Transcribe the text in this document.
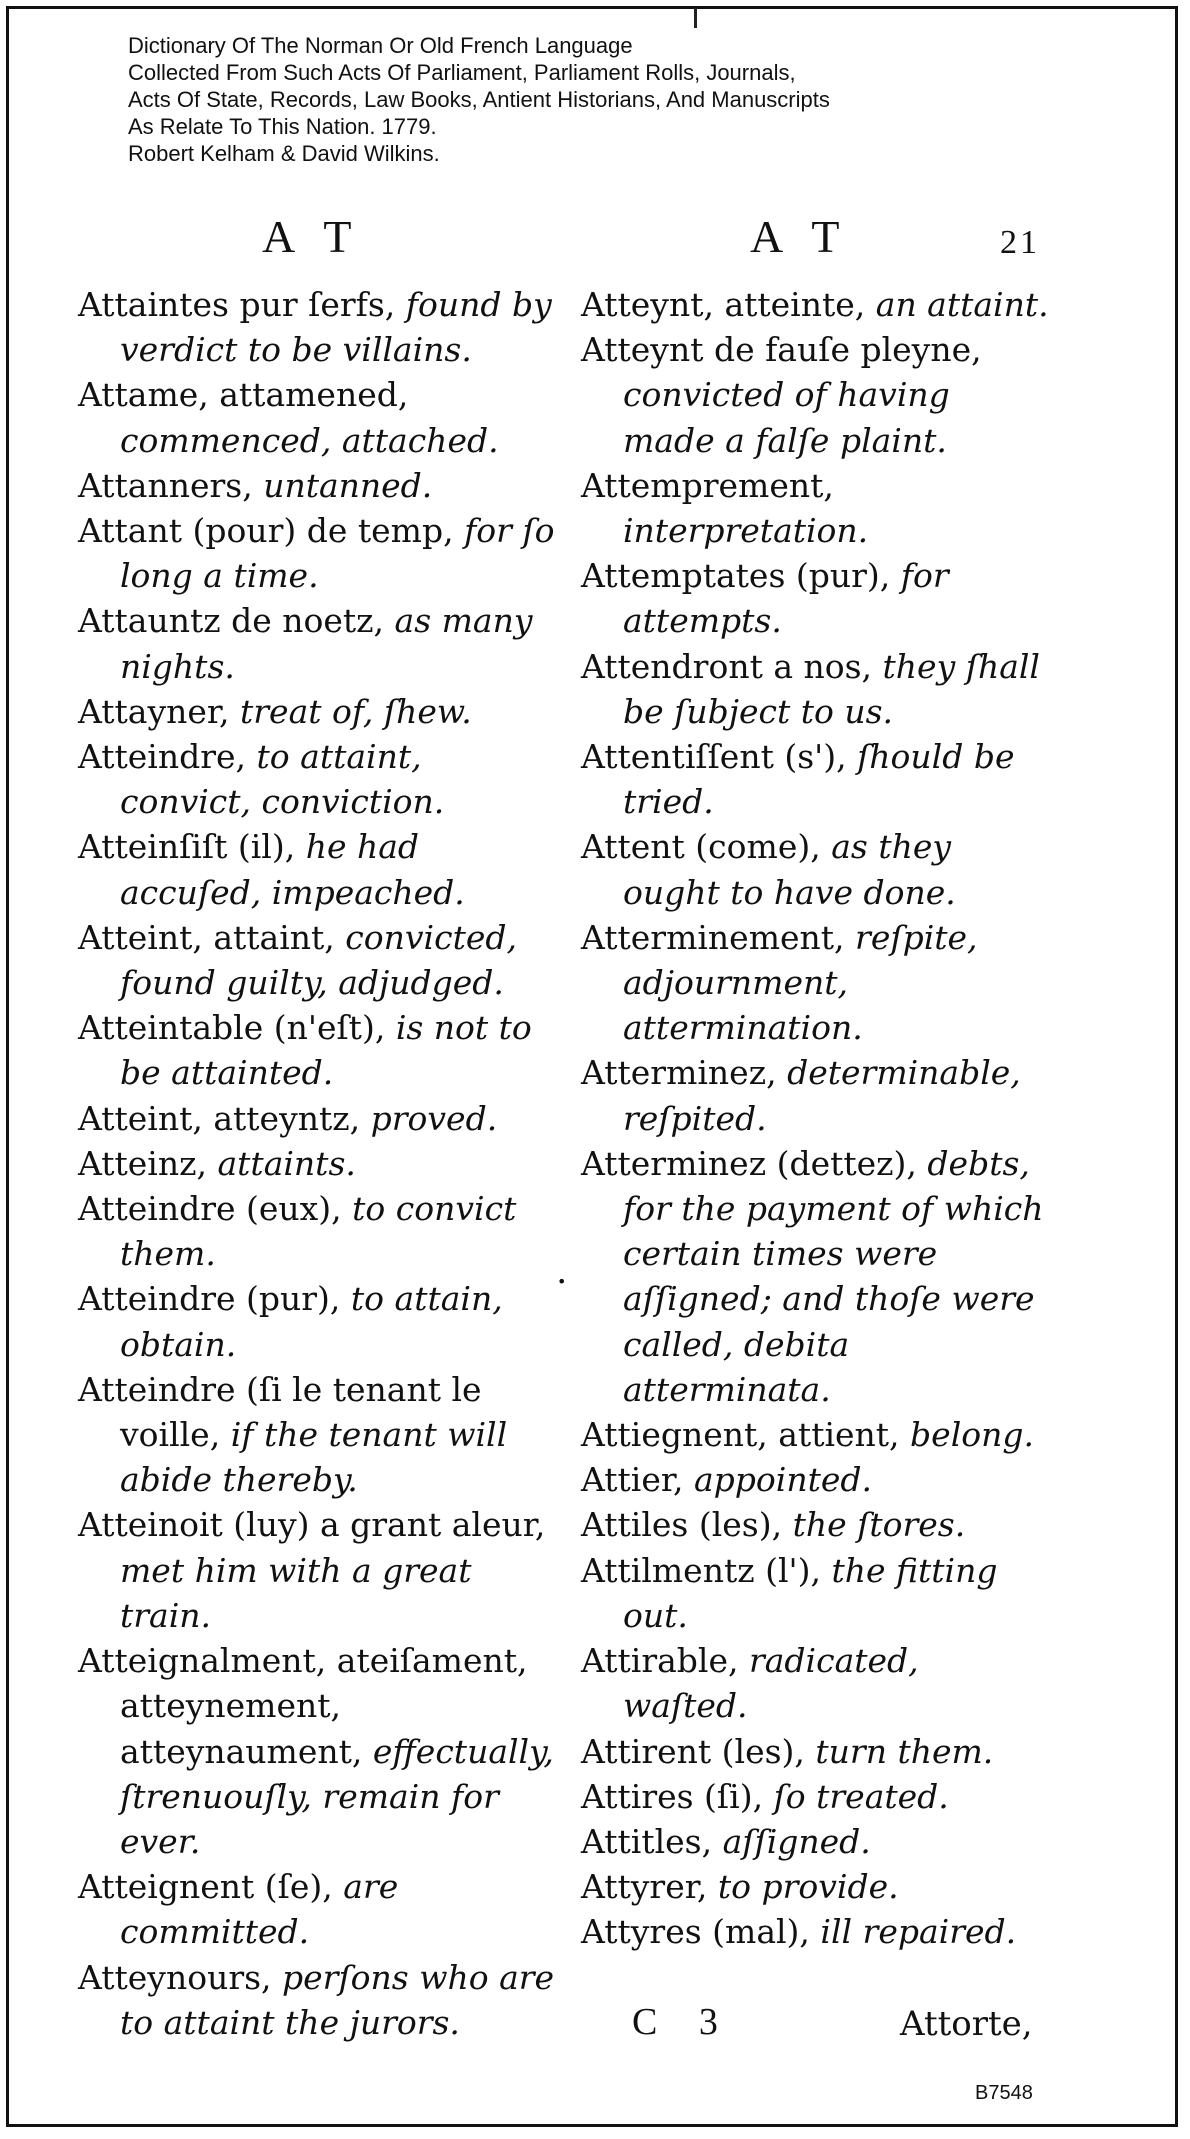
Dictionary Of The Norman Or Old French Language
Collected From Such Acts Of Parliament, Parliament Rolls, Journals,
Acts Of State, Records, Law Books, Antient Historians, And Manuscripts
As Relate To This Nation. 1779.
Robert Kelham & David Wilkins.
A T	A T	21
Attaintes pur ſerfs, found by verdict to be villains.
Attame, attamened, commenced, attached.
Attanners, untanned.
Attant (pour) de temp, for ſo long a time.
Attauntz de noetz, as many nights.
Attayner, treat of, ſhew.
Atteindre, to attaint, convict, conviction.
Atteinſiſt (il), he had accuſed, impeached.
Atteint, attaint, convicted, found guilty, adjudged.
Atteintable (n'eſt), is not to be attainted.
Atteint, atteyntz, proved.
Atteinz, attaints.
Atteindre (eux), to convict them.
Atteindre (pur), to attain, obtain.
Atteindre (ſi le tenant le voille, if the tenant will abide thereby.
Atteinoit (luy) a grant aleur, met him with a great train.
Atteignalment, ateiſament, atteynement, atteynaument, effectually, ſtrenuouſly, remain for ever.
Atteignent (ſe), are committed.
Atteynours, perſons who are to attaint the jurors.
•
Atteynt, atteinte, an attaint.
Atteynt de fauſe pleyne, convicted of having made a falſe plaint.
Attemprement, interpretation.
Attemptates (pur), for attempts.
Attendront a nos, they ſhall be ſubject to us.
Attentiſſent (s'), ſhould be tried.
Attent (come), as they ought to have done.
Atterminement, reſpite, adjournment, attermination.
Atterminez, determinable, reſpited.
Atterminez (dettez), debts, for the payment of which certain times were aſſigned; and thoſe were called, debita atterminata.
Attiegnent, attient, belong.
Attier, appointed.
Attiles (les), the ſtores.
Attilmentz (l'), the fitting out.
Attirable, radicated, waſted.
Attirent (les), turn them.
Attires (ſi), ſo treated.
Attitles, aſſigned.
Attyrer, to provide.
Attyres (mal), ill repaired.
C 3	Attorte,
B7548
